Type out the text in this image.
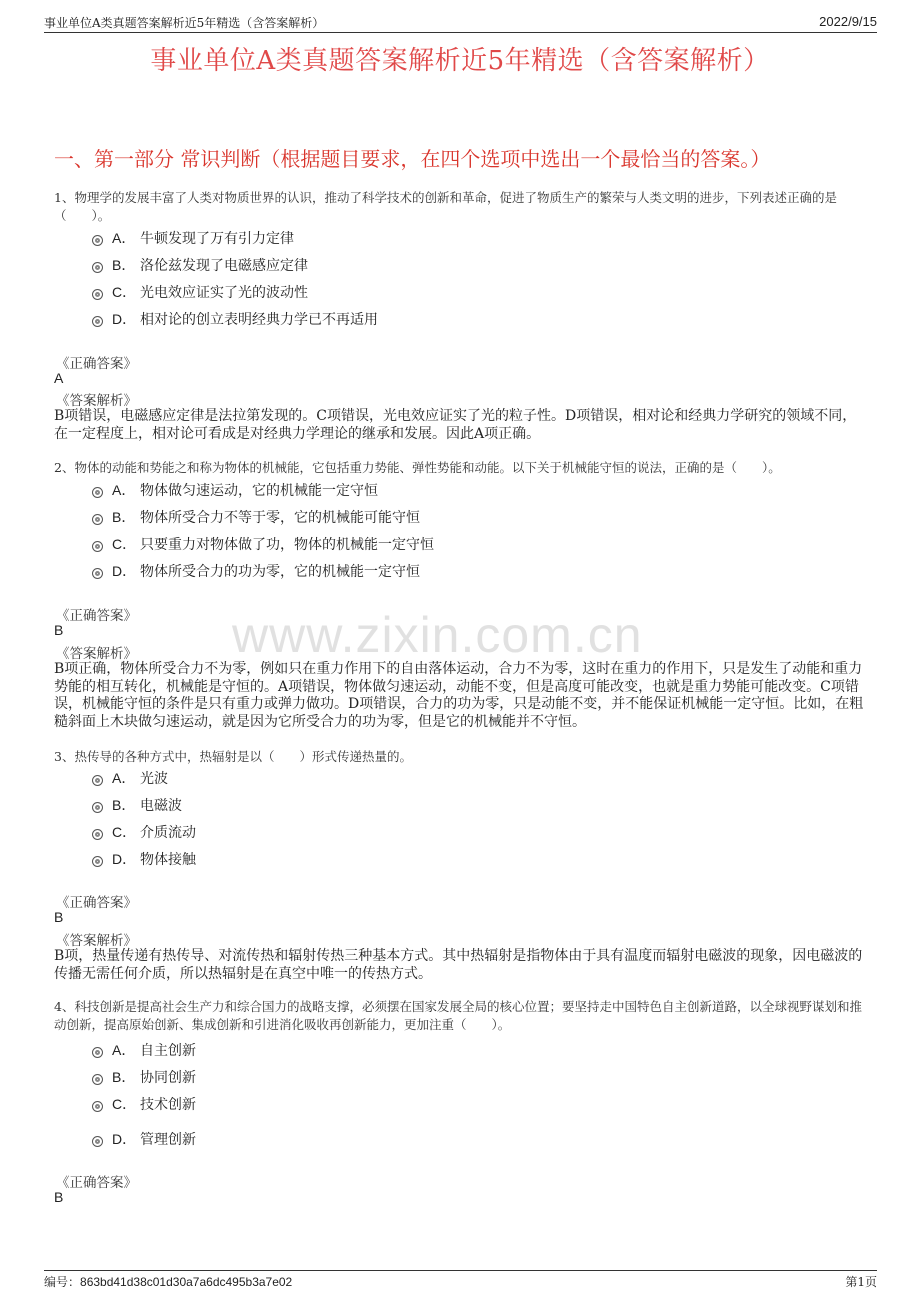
事业单位A类真题答案解析近5年精选（含答案解析）	2022/9/15
事业单位A类真题答案解析近5年精选（含答案解析）
一、第一部分 常识判断（根据题目要求，在四个选项中选出一个最恰当的答案。）
www.zixin.com.cn
1、物理学的发展丰富了人类对物质世界的认识，推动了科学技术的创新和革命，促进了物质生产的繁荣与人类文明的进步，下列表述正确的是（　　）。
A． 牛顿发现了万有引力定律
B． 洛伦兹发现了电磁感应定律
C． 光电效应证实了光的波动性
D． 相对论的创立表明经典力学已不再适用
《正确答案》
A
《答案解析》
B项错误，电磁感应定律是法拉第发现的。C项错误，光电效应证实了光的粒子性。D项错误，相对论和经典力学研究的领域不同，在一定程度上，相对论可看成是对经典力学理论的继承和发展。因此A项正确。
2、物体的动能和势能之和称为物体的机械能，它包括重力势能、弹性势能和动能。以下关于机械能守恒的说法，正确的是（　　）。
A． 物体做匀速运动，它的机械能一定守恒
B． 物体所受合力不等于零，它的机械能可能守恒
C． 只要重力对物体做了功，物体的机械能一定守恒
D． 物体所受合力的功为零，它的机械能一定守恒
《正确答案》
B
《答案解析》
B项正确，物体所受合力不为零，例如只在重力作用下的自由落体运动，合力不为零，这时在重力的作用下，只是发生了动能和重力势能的相互转化，机械能是守恒的。A项错误，物体做匀速运动，动能不变，但是高度可能改变，也就是重力势能可能改变。C项错误，机械能守恒的条件是只有重力或弹力做功。D项错误，合力的功为零，只是动能不变，并不能保证机械能一定守恒。比如，在粗糙斜面上木块做匀速运动，就是因为它所受合力的功为零，但是它的机械能并不守恒。
3、热传导的各种方式中，热辐射是以（　　）形式传递热量的。
A． 光波
B． 电磁波
C． 介质流动
D． 物体接触
《正确答案》
B
《答案解析》
B项，热量传递有热传导、对流传热和辐射传热三种基本方式。其中热辐射是指物体由于具有温度而辐射电磁波的现象，因电磁波的传播无需任何介质，所以热辐射是在真空中唯一的传热方式。
4、科技创新是提高社会生产力和综合国力的战略支撑，必须摆在国家发展全局的核心位置；要坚持走中国特色自主创新道路，以全球视野谋划和推动创新，提高原始创新、集成创新和引进消化吸收再创新能力，更加注重（　　）。
A． 自主创新
B． 协同创新
C． 技术创新
D． 管理创新
《正确答案》
B
编号：863bd41d38c01d30a7a6dc495b3a7e02	第1页
